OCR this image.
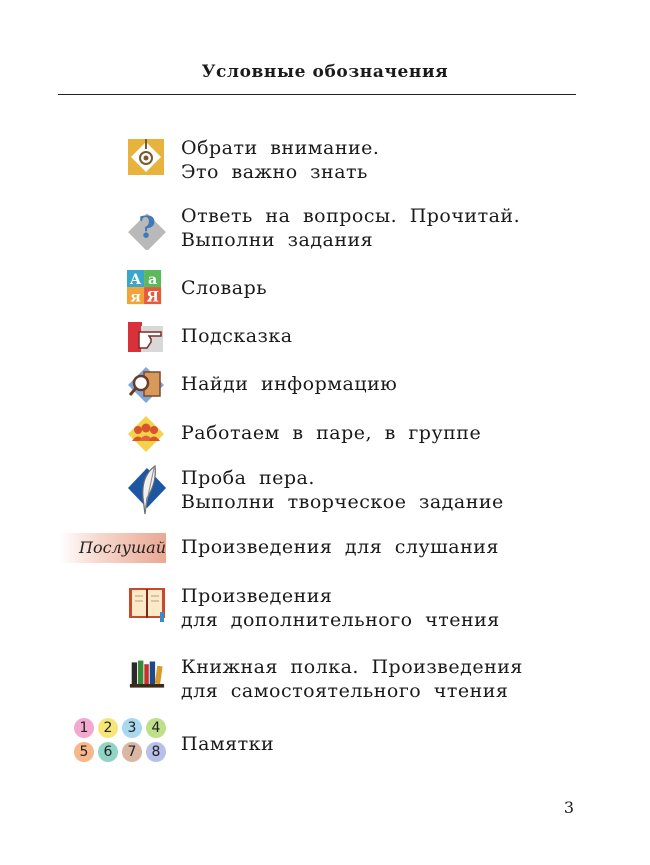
Условные обозначения
Обрати внимание.
Это важно знать
? Ответь на вопросы. Прочитай.
Выполни задания
А а
я Я Словарь
Подсказка
Найди информацию
Работаем в паре, в группе
Проба пера.
Выполни творческое задание
Послушай Произведения для слушания
Произведения
для дополнительного чтения
Книжная полка. Произведения
для самостоятельного чтения
1	2	3	4
5	6	7	8 Памятки
3
